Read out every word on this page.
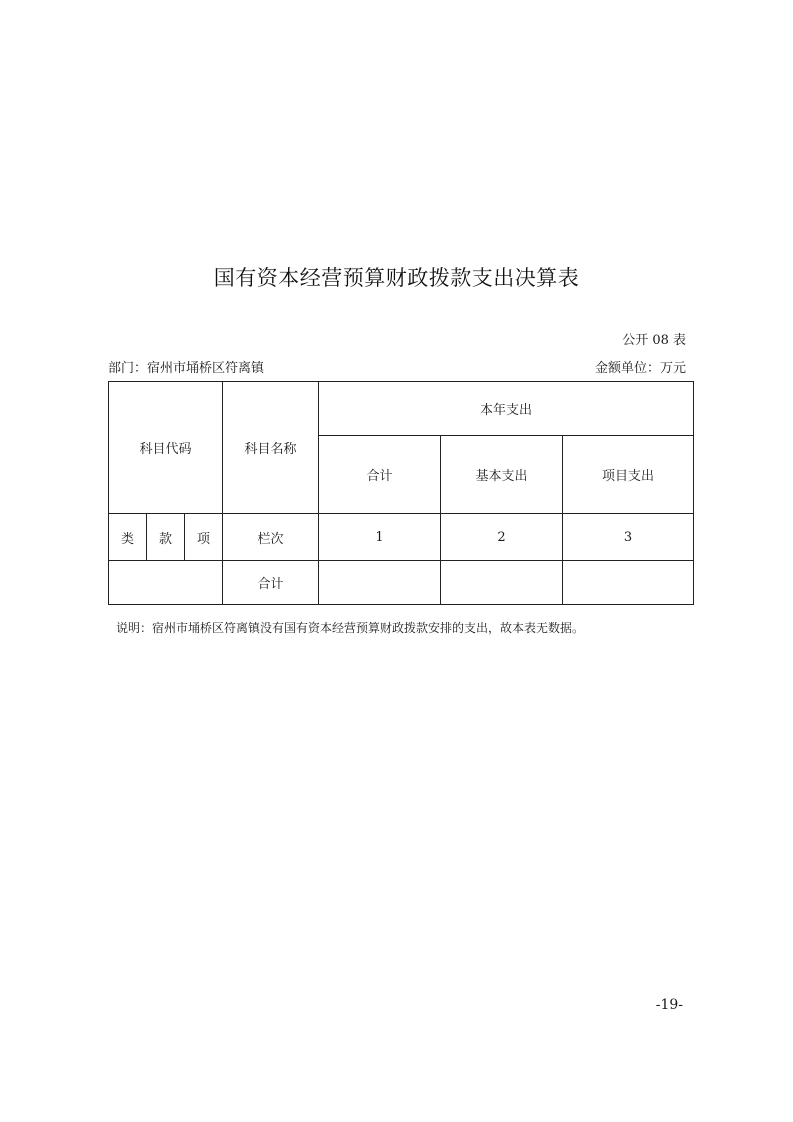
国有资本经营预算财政拨款支出决算表
公开 08 表
部门：宿州市埇桥区符离镇	金额单位：万元
科目代码			科目名称	本年支出		
				合计	基本支出	项目支出
类	款	项	栏次	1	2	3
			合计			
说明：宿州市埇桥区符离镇没有国有资本经营预算财政拨款安排的支出，故本表无数据。
-19-
